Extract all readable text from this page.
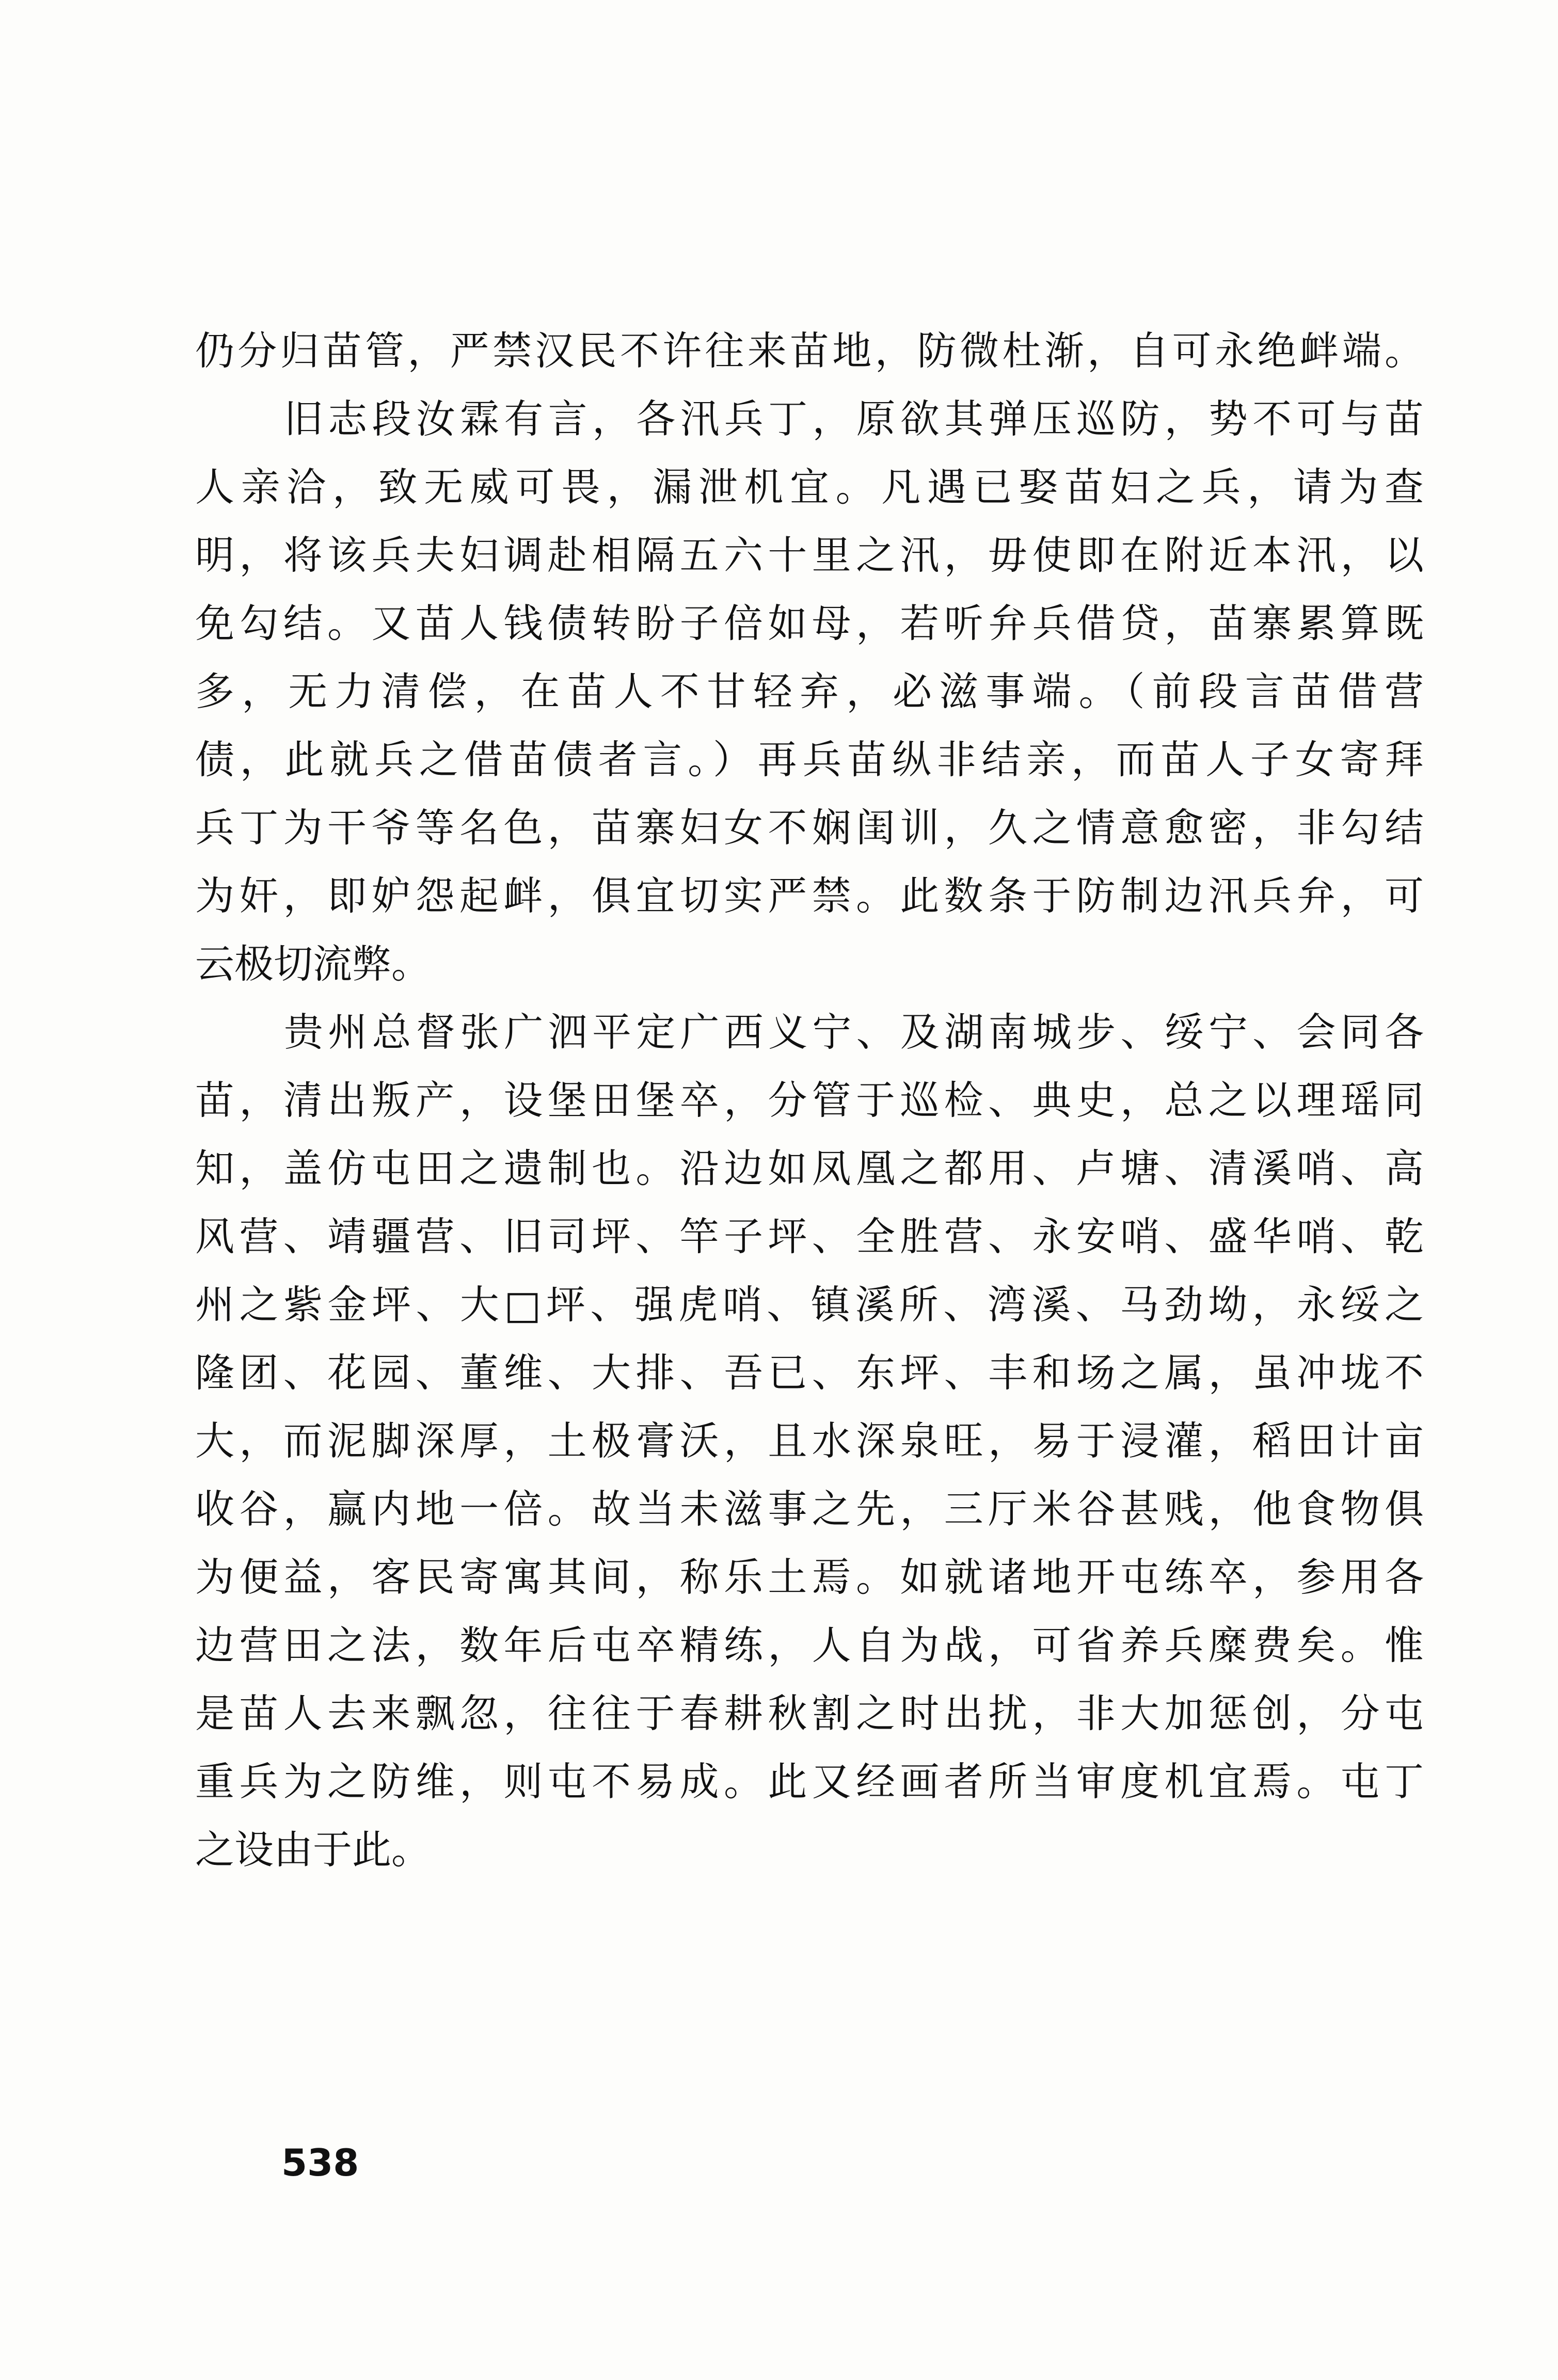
仍分归苗管，严禁汉民不许往来苗地，防微杜渐，自可永绝衅端。
旧志段汝霖有言，各汛兵丁，原欲其弹压巡防，势不可与苗
人亲洽，致无威可畏，漏泄机宜。凡遇已娶苗妇之兵，请为查
明，将该兵夫妇调赴相隔五六十里之汛，毋使即在附近本汛，以
免勾结。又苗人钱债转盼子倍如母，若听弁兵借贷，苗寨累算既
多，无力清偿，在苗人不甘轻弃，必滋事端。（前段言苗借营
债，此就兵之借苗债者言。）再兵苗纵非结亲，而苗人子女寄拜
兵丁为干爷等名色，苗寨妇女不娴闺训，久之情意愈密，非勾结
为奸，即妒怨起衅，俱宜切实严禁。此数条于防制边汛兵弁，可
云极切流弊。
贵州总督张广泗平定广西义宁、及湖南城步、绥宁、会同各
苗，清出叛产，设堡田堡卒，分管于巡检、典史，总之以理瑶同
知，盖仿屯田之遗制也。沿边如凤凰之都用、卢塘、清溪哨、高
风营、靖疆营、旧司坪、竿子坪、全胜营、永安哨、盛华哨、乾
州之紫金坪、大□坪、强虎哨、镇溪所、湾溪、马劲坳，永绥之
隆团、花园、董维、大排、吾已、东坪、丰和场之属，虽冲垅不
大，而泥脚深厚，土极膏沃，且水深泉旺，易于浸灌，稻田计亩
收谷，赢内地一倍。故当未滋事之先，三厅米谷甚贱，他食物俱
为便益，客民寄寓其间，称乐土焉。如就诸地开屯练卒，参用各
边营田之法，数年后屯卒精练，人自为战，可省养兵糜费矣。惟
是苗人去来飘忽，往往于春耕秋割之时出扰，非大加惩创，分屯
重兵为之防维，则屯不易成。此又经画者所当审度机宜焉。屯丁
之设由于此。
538
